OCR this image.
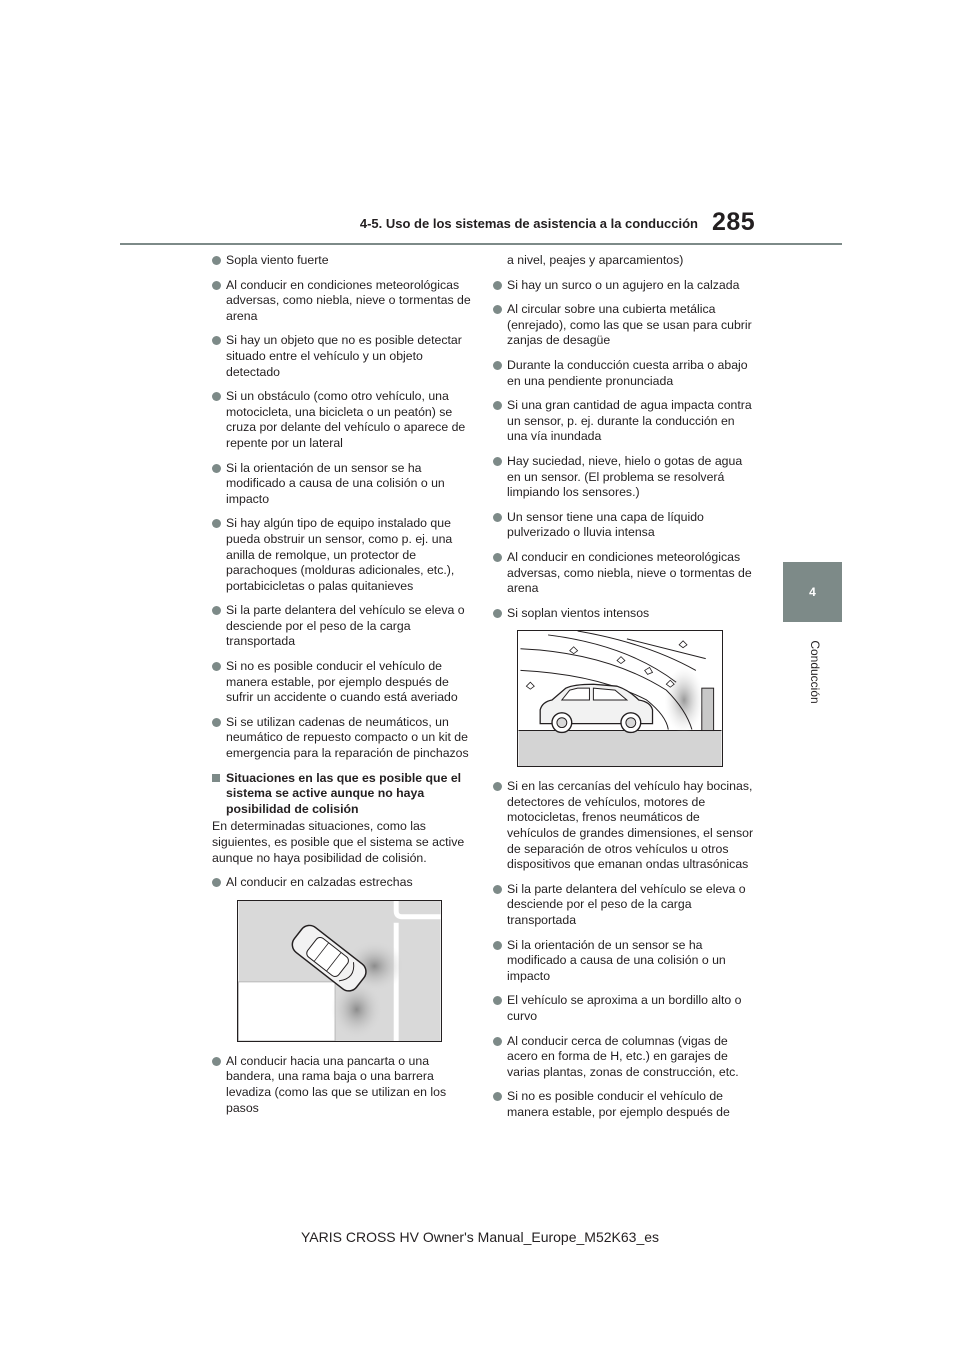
4-5. Uso de los sistemas de asistencia a la conducción 285
4
Conducción
Sopla viento fuerte
Al conducir en condiciones meteorológicas adversas, como niebla, nieve o tormentas de arena
Si hay un objeto que no es posible detectar situado entre el vehículo y un objeto detectado
Si un obstáculo (como otro vehículo, una motocicleta, una bicicleta o un peatón) se cruza por delante del vehículo o aparece de repente por un lateral
Si la orientación de un sensor se ha modificado a causa de una colisión o un impacto
Si hay algún tipo de equipo instalado que pueda obstruir un sensor, como p. ej. una anilla de remolque, un protector de parachoques (molduras adicionales, etc.), portabicicletas o palas quitanieves
Si la parte delantera del vehículo se eleva o desciende por el peso de la carga transportada
Si no es posible conducir el vehículo de manera estable, por ejemplo después de sufrir un accidente o cuando está averiado
Si se utilizan cadenas de neumáticos, un neumático de repuesto compacto o un kit de emergencia para la reparación de pinchazos
Situaciones en las que es posible que el sistema se active aunque no haya posibilidad de colisión
En determinadas situaciones, como las siguientes, es posible que el sistema se active aunque no haya posibilidad de colisión.
Al conducir en calzadas estrechas
Al conducir hacia una pancarta o una bandera, una rama baja o una barrera levadiza (como las que se utilizan en los pasos
a nivel, peajes y aparcamientos)
Si hay un surco o un agujero en la calzada
Al circular sobre una cubierta metálica (enrejado), como las que se usan para cubrir zanjas de desagüe
Durante la conducción cuesta arriba o abajo en una pendiente pronunciada
Si una gran cantidad de agua impacta contra un sensor, p. ej. durante la conducción en una vía inundada
Hay suciedad, nieve, hielo o gotas de agua en un sensor. (El problema se resolverá limpiando los sensores.)
Un sensor tiene una capa de líquido pulverizado o lluvia intensa
Al conducir en condiciones meteorológicas adversas, como niebla, nieve o tormentas de arena
Si soplan vientos intensos
Si en las cercanías del vehículo hay bocinas, detectores de vehículos, motores de motocicletas, frenos neumáticos de vehículos de grandes dimensiones, el sensor de separación de otros vehículos u otros dispositivos que emanan ondas ultrasónicas
Si la parte delantera del vehículo se eleva o desciende por el peso de la carga transportada
Si la orientación de un sensor se ha modificado a causa de una colisión o un impacto
El vehículo se aproxima a un bordillo alto o curvo
Al conducir cerca de columnas (vigas de acero en forma de H, etc.) en garajes de varias plantas, zonas de construcción, etc.
Si no es posible conducir el vehículo de manera estable, por ejemplo después de
YARIS CROSS HV Owner's Manual_Europe_M52K63_es
